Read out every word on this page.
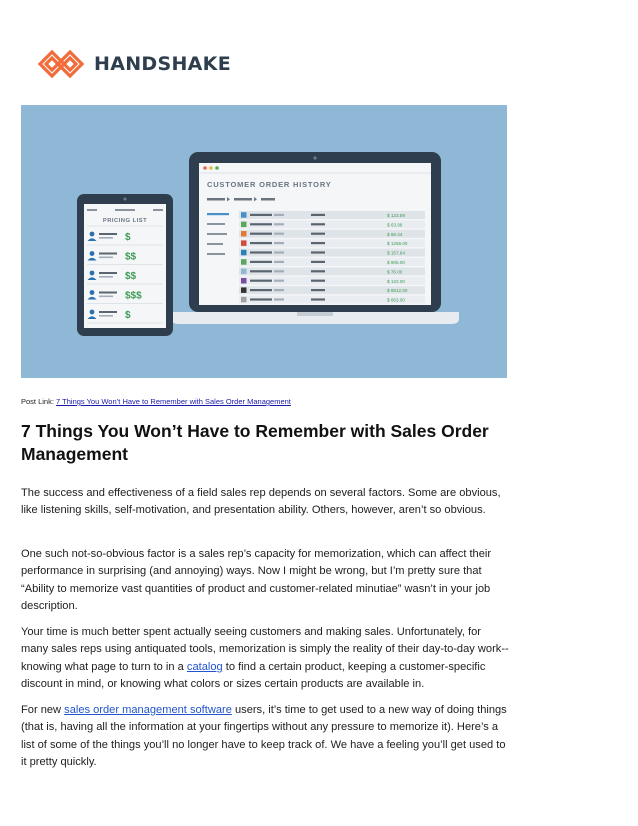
HANDSHAKE
CUSTOMER ORDER HISTORY
$ 123.59
$ 63.99
$ 88.44
$ 1256.00
$ 157.64
$ 905.00
$ 76.00
$ 122.00
$ 8812.00
$ 663.00
PRICING LIST
$
$$
$$
$$$
$
Post Link: 7 Things You Won’t Have to Remember with Sales Order Management
7 Things You Won’t Have to Remember with Sales Order Management

The success and effectiveness of a field sales rep depends on several factors. Some are obvious, like listening skills, self-motivation, and presentation ability. Others, however, aren’t so obvious.

One such not-so-obvious factor is a sales rep’s capacity for memorization, which can affect their performance in surprising (and annoying) ways. Now I might be wrong, but I’m pretty sure that “Ability to memorize vast quantities of product and customer-related minutiae” wasn’t in your job description.

Your time is much better spent actually seeing customers and making sales. Unfortunately, for many sales reps using antiquated tools, memorization is simply the reality of their day-to-day work-- knowing what page to turn to in a catalog to find a certain product, keeping a customer-specific discount in mind, or knowing what colors or sizes certain products are available in.

For new sales order management software users, it’s time to get used to a new way of doing things (that is, having all the information at your fingertips without any pressure to memorize it). Here’s a list of some of the things you’ll no longer have to keep track of. We have a feeling you’ll get used to it pretty quickly.
